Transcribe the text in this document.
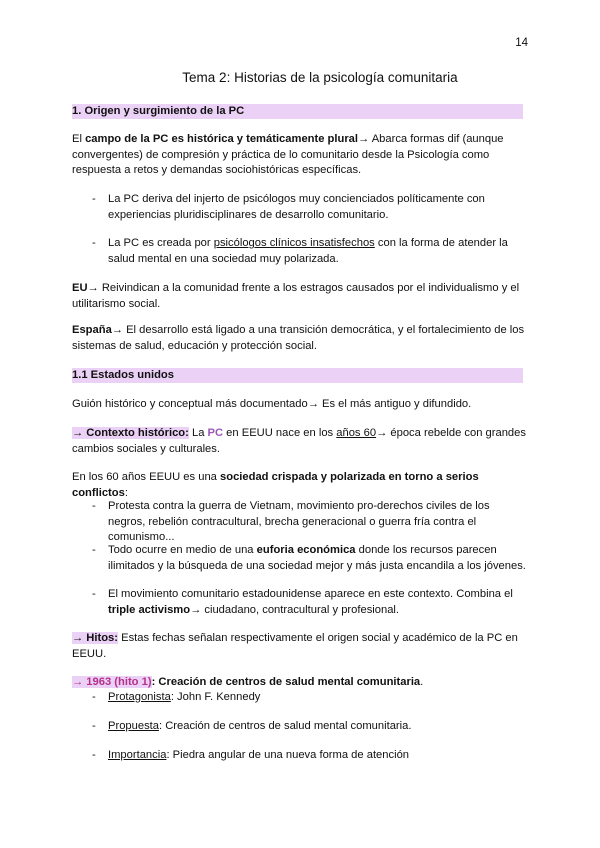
14
Tema 2: Historias de la psicología comunitaria
1. Origen y surgimiento de la PC
El campo de la PC es histórica y temáticamente plural→ Abarca formas dif (aunque convergentes) de compresión y práctica de lo comunitario desde la Psicología como respuesta a retos y demandas sociohistóricas específicas.
- La PC deriva del injerto de psicólogos muy concienciados políticamente con experiencias pluridisciplinares de desarrollo comunitario.
- La PC es creada por psicólogos clínicos insatisfechos con la forma de atender la salud mental en una sociedad muy polarizada.
EU→ Reivindican a la comunidad frente a los estragos causados por el individualismo y el utilitarismo social.
España→ El desarrollo está ligado a una transición democrática, y el fortalecimiento de los sistemas de salud, educación y protección social.
1.1 Estados unidos
Guión histórico y conceptual más documentado→ Es el más antiguo y difundido.
→ Contexto histórico: La PC en EEUU nace en los años 60→ época rebelde con grandes cambios sociales y culturales.
En los 60 años EEUU es una sociedad crispada y polarizada en torno a serios conflictos:
- Protesta contra la guerra de Vietnam, movimiento pro-derechos civiles de los negros, rebelión contracultural, brecha generacional o guerra fría contra el comunismo...
- Todo ocurre en medio de una euforia económica donde los recursos parecen ilimitados y la búsqueda de una sociedad mejor y más justa encandila a los jóvenes.
- El movimiento comunitario estadounidense aparece en este contexto. Combina el triple activismo→ ciudadano, contracultural y profesional.
→ Hitos: Estas fechas señalan respectivamente el origen social y académico de la PC en EEUU.
→ 1963 (hito 1): Creación de centros de salud mental comunitaria.
- Protagonista: John F. Kennedy
- Propuesta: Creación de centros de salud mental comunitaria.
- Importancia: Piedra angular de una nueva forma de atención
